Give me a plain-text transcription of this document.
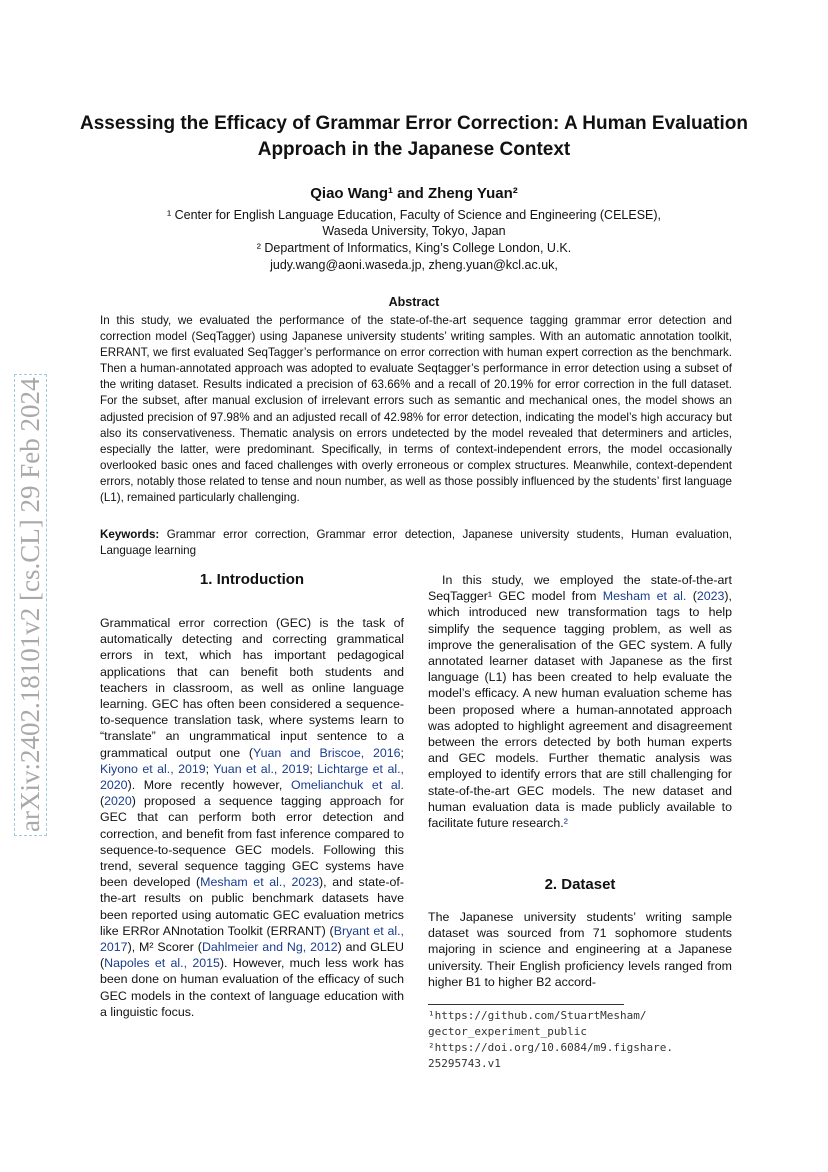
arXiv:2402.18101v2 [cs.CL] 29 Feb 2024
Assessing the Efficacy of Grammar Error Correction: A Human Evaluation Approach in the Japanese Context
Qiao Wang¹ and Zheng Yuan²
¹ Center for English Language Education, Faculty of Science and Engineering (CELESE),
Waseda University, Tokyo, Japan
² Department of Informatics, King’s College London, U.K.
judy.wang@aoni.waseda.jp, zheng.yuan@kcl.ac.uk,
Abstract
In this study, we evaluated the performance of the state-of-the-art sequence tagging grammar error detection and correction model (SeqTagger) using Japanese university students’ writing samples. With an automatic annotation toolkit, ERRANT, we first evaluated SeqTagger’s performance on error correction with human expert correction as the benchmark. Then a human-annotated approach was adopted to evaluate Seqtagger’s performance in error detection using a subset of the writing dataset. Results indicated a precision of 63.66% and a recall of 20.19% for error correction in the full dataset. For the subset, after manual exclusion of irrelevant errors such as semantic and mechanical ones, the model shows an adjusted precision of 97.98% and an adjusted recall of 42.98% for error detection, indicating the model’s high accuracy but also its conservativeness. Thematic analysis on errors undetected by the model revealed that determiners and articles, especially the latter, were predominant. Specifically, in terms of context-independent errors, the model occasionally overlooked basic ones and faced challenges with overly erroneous or complex structures. Meanwhile, context-dependent errors, notably those related to tense and noun number, as well as those possibly influenced by the students’ first language (L1), remained particularly challenging.
Keywords: Grammar error correction, Grammar error detection, Japanese university students, Human evaluation, Language learning
1. Introduction
Grammatical error correction (GEC) is the task of automatically detecting and correcting grammatical errors in text, which has important pedagogical applications that can benefit both students and teachers in classroom, as well as online language learning. GEC has often been considered a sequence-to-sequence translation task, where systems learn to “translate” an ungrammatical input sentence to a grammatical output one (Yuan and Briscoe, 2016; Kiyono et al., 2019; Yuan et al., 2019; Lichtarge et al., 2020). More recently however, Omelianchuk et al. (2020) proposed a sequence tagging approach for GEC that can perform both error detection and correction, and benefit from fast inference compared to sequence-to-sequence GEC models. Following this trend, several sequence tagging GEC systems have been developed (Mesham et al., 2023), and state-of-the-art results on public benchmark datasets have been reported using automatic GEC evaluation metrics like ERRor ANnotation Toolkit (ERRANT) (Bryant et al., 2017), M² Scorer (Dahlmeier and Ng, 2012) and GLEU (Napoles et al., 2015). However, much less work has been done on human evaluation of the efficacy of such GEC models in the context of language education with a linguistic focus.
In this study, we employed the state-of-the-art SeqTagger¹ GEC model from Mesham et al. (2023), which introduced new transformation tags to help simplify the sequence tagging problem, as well as improve the generalisation of the GEC system. A fully annotated learner dataset with Japanese as the first language (L1) has been created to help evaluate the model’s efficacy. A new human evaluation scheme has been proposed where a human-annotated approach was adopted to highlight agreement and disagreement between the errors detected by both human experts and GEC models. Further thematic analysis was employed to identify errors that are still challenging for state-of-the-art GEC models. The new dataset and human evaluation data is made publicly available to facilitate future research.²
2. Dataset
The Japanese university students’ writing sample dataset was sourced from 71 sophomore students majoring in science and engineering at a Japanese university. Their English proficiency levels ranged from higher B1 to higher B2 accord-
¹https://github.com/StuartMesham/ gector_experiment_public
²https://doi.org/10.6084/m9.figshare. 25295743.v1
